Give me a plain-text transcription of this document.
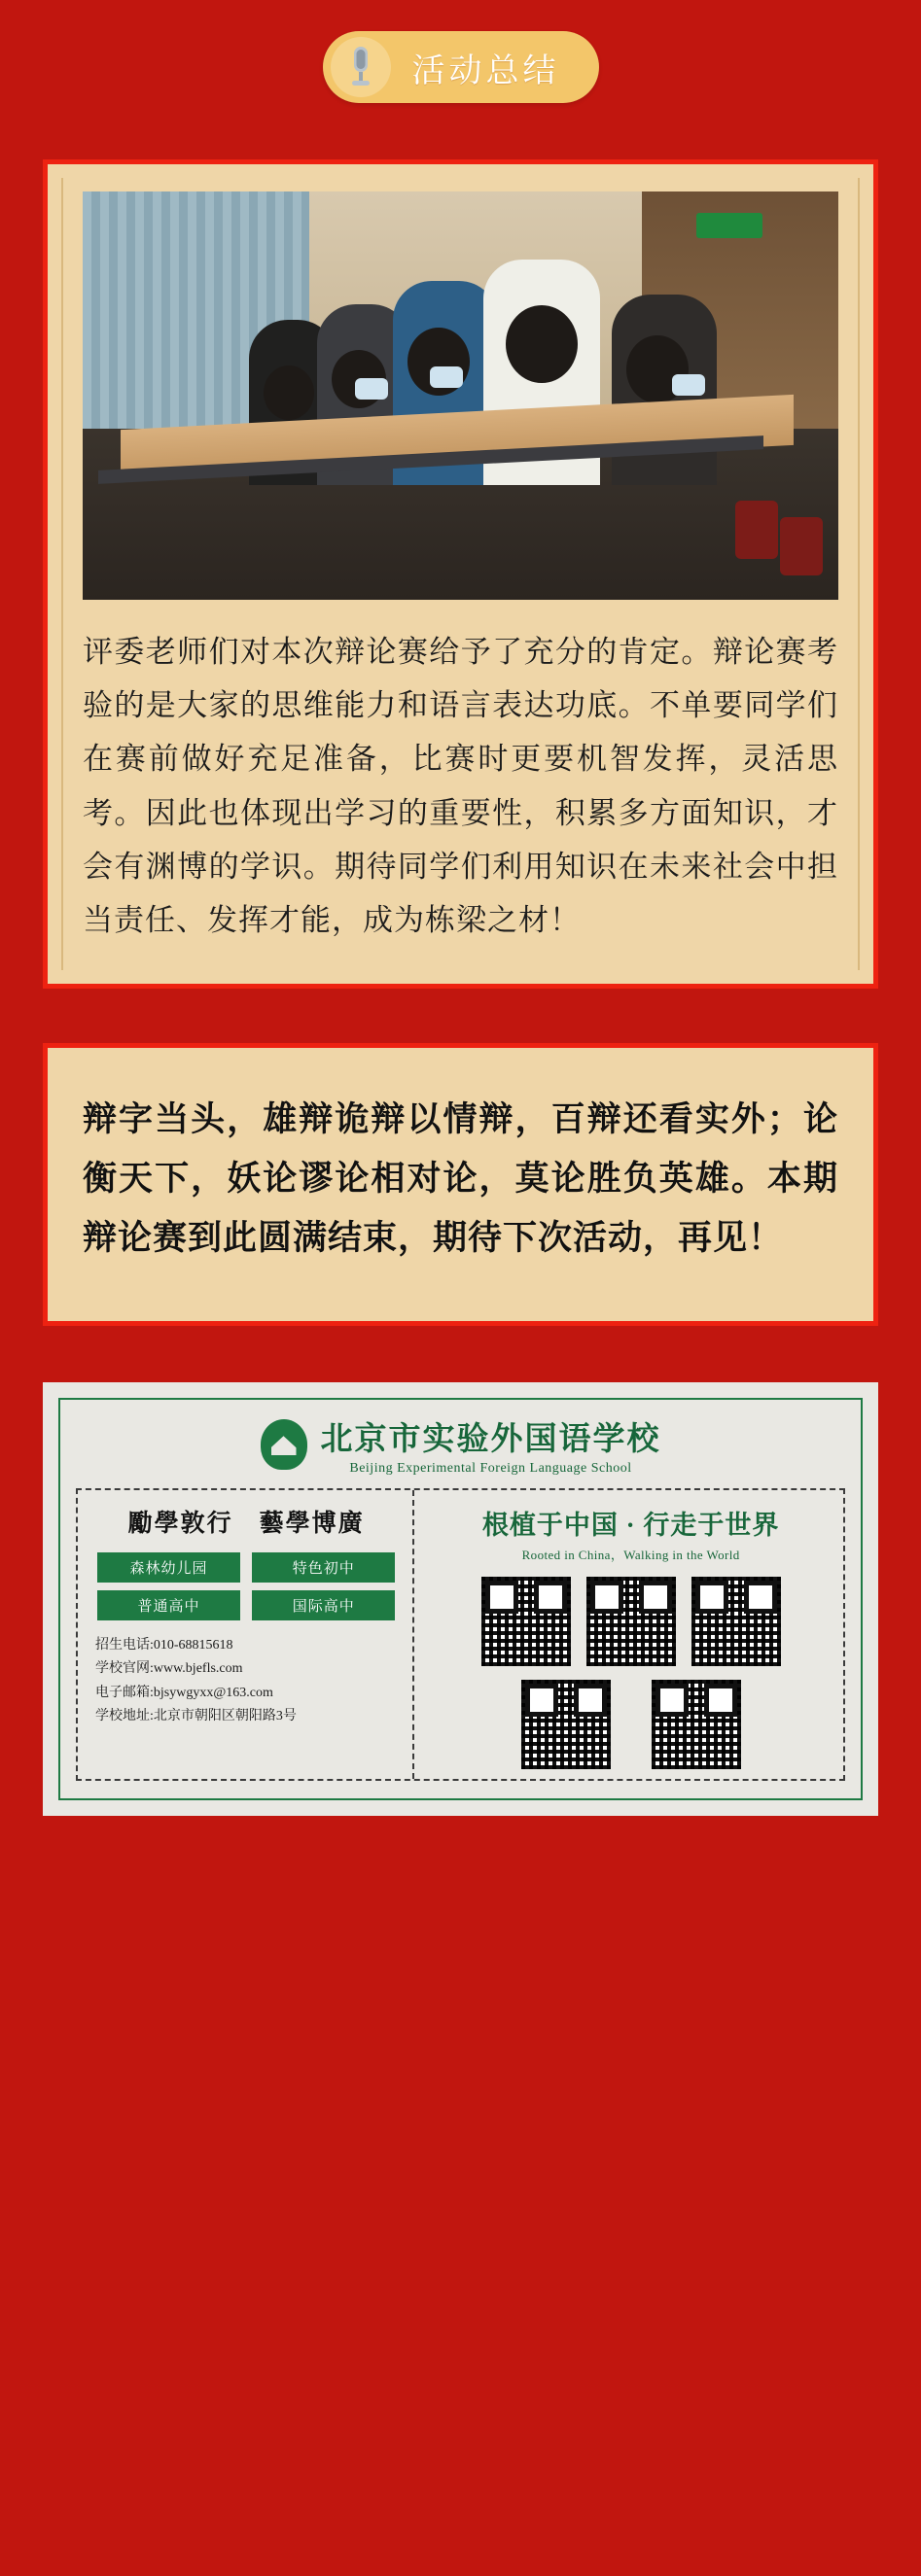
活动总结

评委老师们对本次辩论赛给予了充分的肯定。辩论赛考验的是大家的思维能力和语言表达功底。不单要同学们在赛前做好充足准备，比赛时更要机智发挥，灵活思考。因此也体现出学习的重要性，积累多方面知识，才会有渊博的学识。期待同学们利用知识在未来社会中担当责任、发挥才能，成为栋梁之材！

辩字当头，雄辩诡辩以情辩，百辩还看实外；论衡天下，妖论谬论相对论，莫论胜负英雄。本期辩论赛到此圆满结束，期待下次活动，再见！

北京市实验外国语学校
Beijing Experimental Foreign Language School
勵學敦行　藝學博廣
森林幼儿园	特色初中
普通高中	国际高中
招生电话:010-68815618
学校官网:www.bjefls.com
电子邮箱:bjsywgyxx@163.com
学校地址:北京市朝阳区朝阳路3号
根植于中国 · 行走于世界
Rooted in China，Walking in the World
